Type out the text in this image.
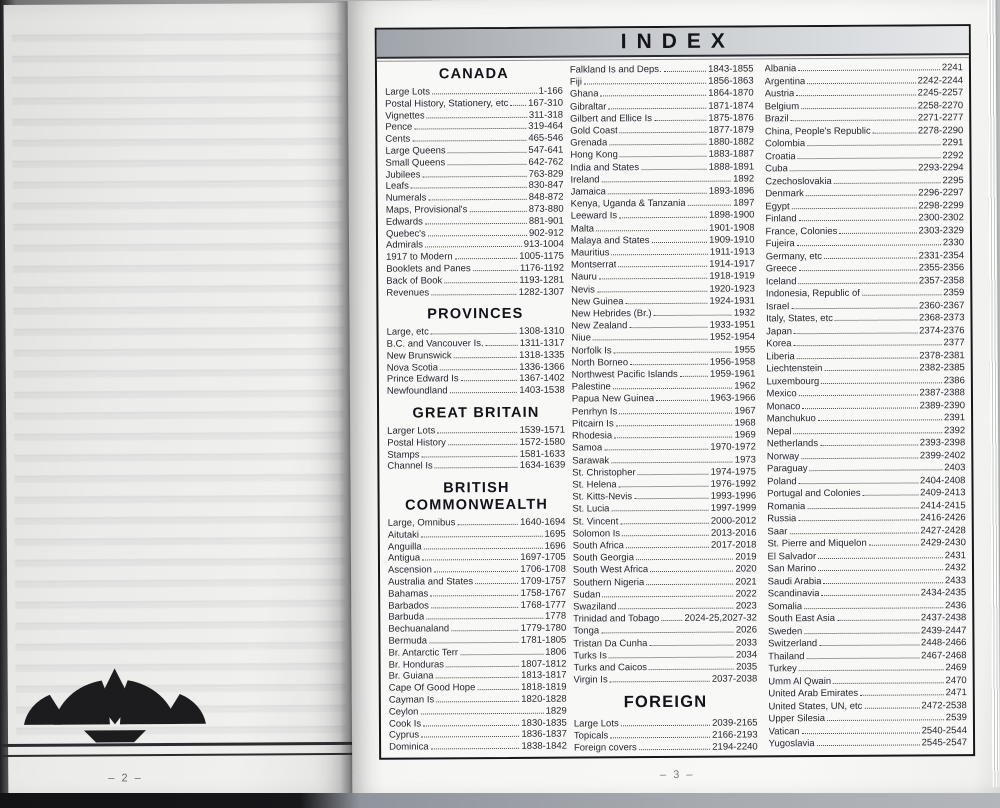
– 2 –
INDEX
CANADA
Large Lots	1-166
Postal History, Stationery, etc 167-310
Vignettes	311-318
Pence	319-464
Cents	465-546
Large Queens	547-641
Small Queens	642-762
Jubilees	763-829
Leafs	830-847
Numerals	848-872
Maps, Provisional's	873-880
Edwards	881-901
Quebec's	902-912
Admirals	913-1004
1917 to Modern	1005-1175
Booklets and Panes	1176-1192
Back of Book	1193-1281
Revenues	1282-1307
PROVINCES
Large, etc	1308-1310
B.C. and Vancouver Is.	1311-1317
New Brunswick	1318-1335
Nova Scotia	1336-1366
Prince Edward Is	1367-1402
Newfoundland	1403-1538
GREAT BRITAIN
Larger Lots	1539-1571
Postal History	1572-1580
Stamps	1581-1633
Channel Is	1634-1639
BRITISH COMMONWEALTH
Large, Omnibus	1640-1694
Aitutaki	1695
Anguilla	1696
Antigua	1697-1705
Ascension	1706-1708
Australia and States	1709-1757
Bahamas	1758-1767
Barbados	1768-1777
Barbuda	1778
Bechuanaland	1779-1780
Bermuda	1781-1805
Br. Antarctic Terr	1806
Br. Honduras	1807-1812
Br. Guiana	1813-1817
Cape Of Good Hope	1818-1819
Cayman Is	1820-1828
Ceylon	1829
Cook Is	1830-1835
Cyprus	1836-1837
Dominica	1838-1842
Falkland Is and Deps.	1843-1855
Fiji	1856-1863
Ghana	1864-1870
Gibraltar	1871-1874
Gilbert and Ellice Is	1875-1876
Gold Coast	1877-1879
Grenada	1880-1882
Hong Kong	1883-1887
India and States	1888-1891
Ireland	1892
Jamaica	1893-1896
Kenya, Uganda & Tanzania	1897
Leeward Is	1898-1900
Malta	1901-1908
Malaya and States	1909-1910
Mauritius	1911-1913
Montserrat	1914-1917
Nauru	1918-1919
Nevis	1920-1923
New Guinea	1924-1931
New Hebrides (Br.)	1932
New Zealand	1933-1951
Niue	1952-1954
Norfolk Is	1955
North Borneo	1956-1958
Northwest Pacific Islands	1959-1961
Palestine	1962
Papua New Guinea	1963-1966
Penrhyn Is	1967
Pitcairn Is	1968
Rhodesia	1969
Samoa	1970-1972
Sarawak	1973
St. Christopher	1974-1975
St. Helena	1976-1992
St. Kitts-Nevis	1993-1996
St. Lucia	1997-1999
St. Vincent	2000-2012
Solomon Is	2013-2016
South Africa	2017-2018
South Georgia	2019
South West Africa	2020
Southern Nigeria	2021
Sudan	2022
Swaziland	2023
Trinidad and Tobago	2024-25,2027-32
Tonga	2026
Tristan Da Cunha	2033
Turks Is	2034
Turks and Caicos	2035
Virgin Is	2037-2038
FOREIGN
Large Lots	2039-2165
Topicals	2166-2193
Foreign covers	2194-2240
Albania	2241
Argentina	2242-2244
Austria	2245-2257
Belgium	2258-2270
Brazil	2271-2277
China, People's Republic	2278-2290
Colombia	2291
Croatia	2292
Cuba	2293-2294
Czechoslovakia	2295
Denmark	2296-2297
Egypt	2298-2299
Finland	2300-2302
France, Colonies	2303-2329
Fujeira	2330
Germany, etc	2331-2354
Greece	2355-2356
Iceland	2357-2358
Indonesia, Republic of	2359
Israel	2360-2367
Italy, States, etc	2368-2373
Japan	2374-2376
Korea	2377
Liberia	2378-2381
Liechtenstein	2382-2385
Luxembourg	2386
Mexico	2387-2388
Monaco	2389-2390
Manchukuo	2391
Nepal	2392
Netherlands	2393-2398
Norway	2399-2402
Paraguay	2403
Poland	2404-2408
Portugal and Colonies	2409-2413
Romania	2414-2415
Russia	2416-2426
Saar	2427-2428
St. Pierre and Miquelon	2429-2430
El Salvador	2431
San Marino	2432
Saudi Arabia	2433
Scandinavia	2434-2435
Somalia	2436
South East Asia	2437-2438
Sweden	2439-2447
Switzerland	2448-2466
Thailand	2467-2468
Turkey	2469
Umm Al Qwain	2470
United Arab Emirates	2471
United States, UN, etc	2472-2538
Upper Silesia	2539
Vatican	2540-2544
Yugoslavia	2545-2547
– 3 –
